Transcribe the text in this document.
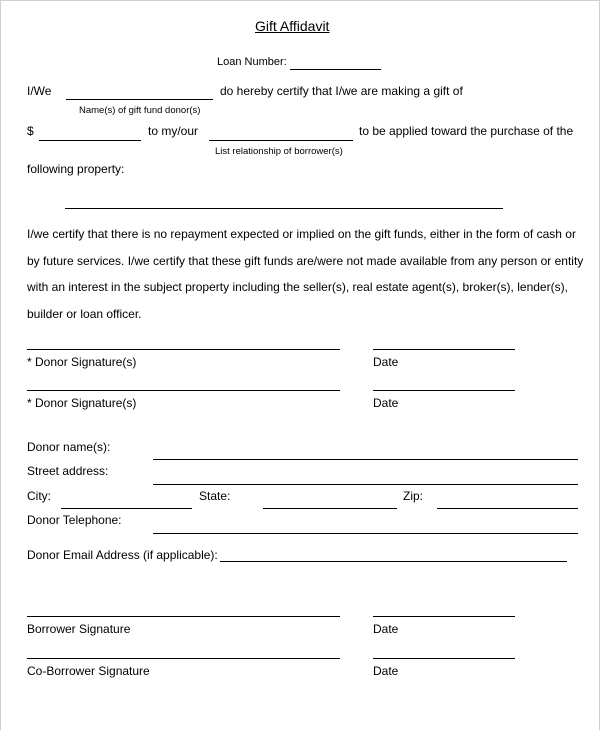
Gift Affidavit
Loan Number:
I/We	do hereby certify that I/we are making a gift of
Name(s) of gift fund donor(s)
$	to my/our	to be applied toward the purchase of the
List relationship of borrower(s)
following property:
I/we certify that there is no repayment expected or implied on the gift funds, either in the form of cash or
by future services. I/we certify that these gift funds are/were not made available from any person or entity
with an interest in the subject property including the seller(s), real estate agent(s), broker(s), lender(s),
builder or loan officer.
* Donor Signature(s)	Date
* Donor Signature(s)	Date
Donor name(s):
Street address:
City:	State:	Zip:
Donor Telephone:
Donor Email Address (if applicable):
Borrower Signature	Date
Co-Borrower Signature	Date
